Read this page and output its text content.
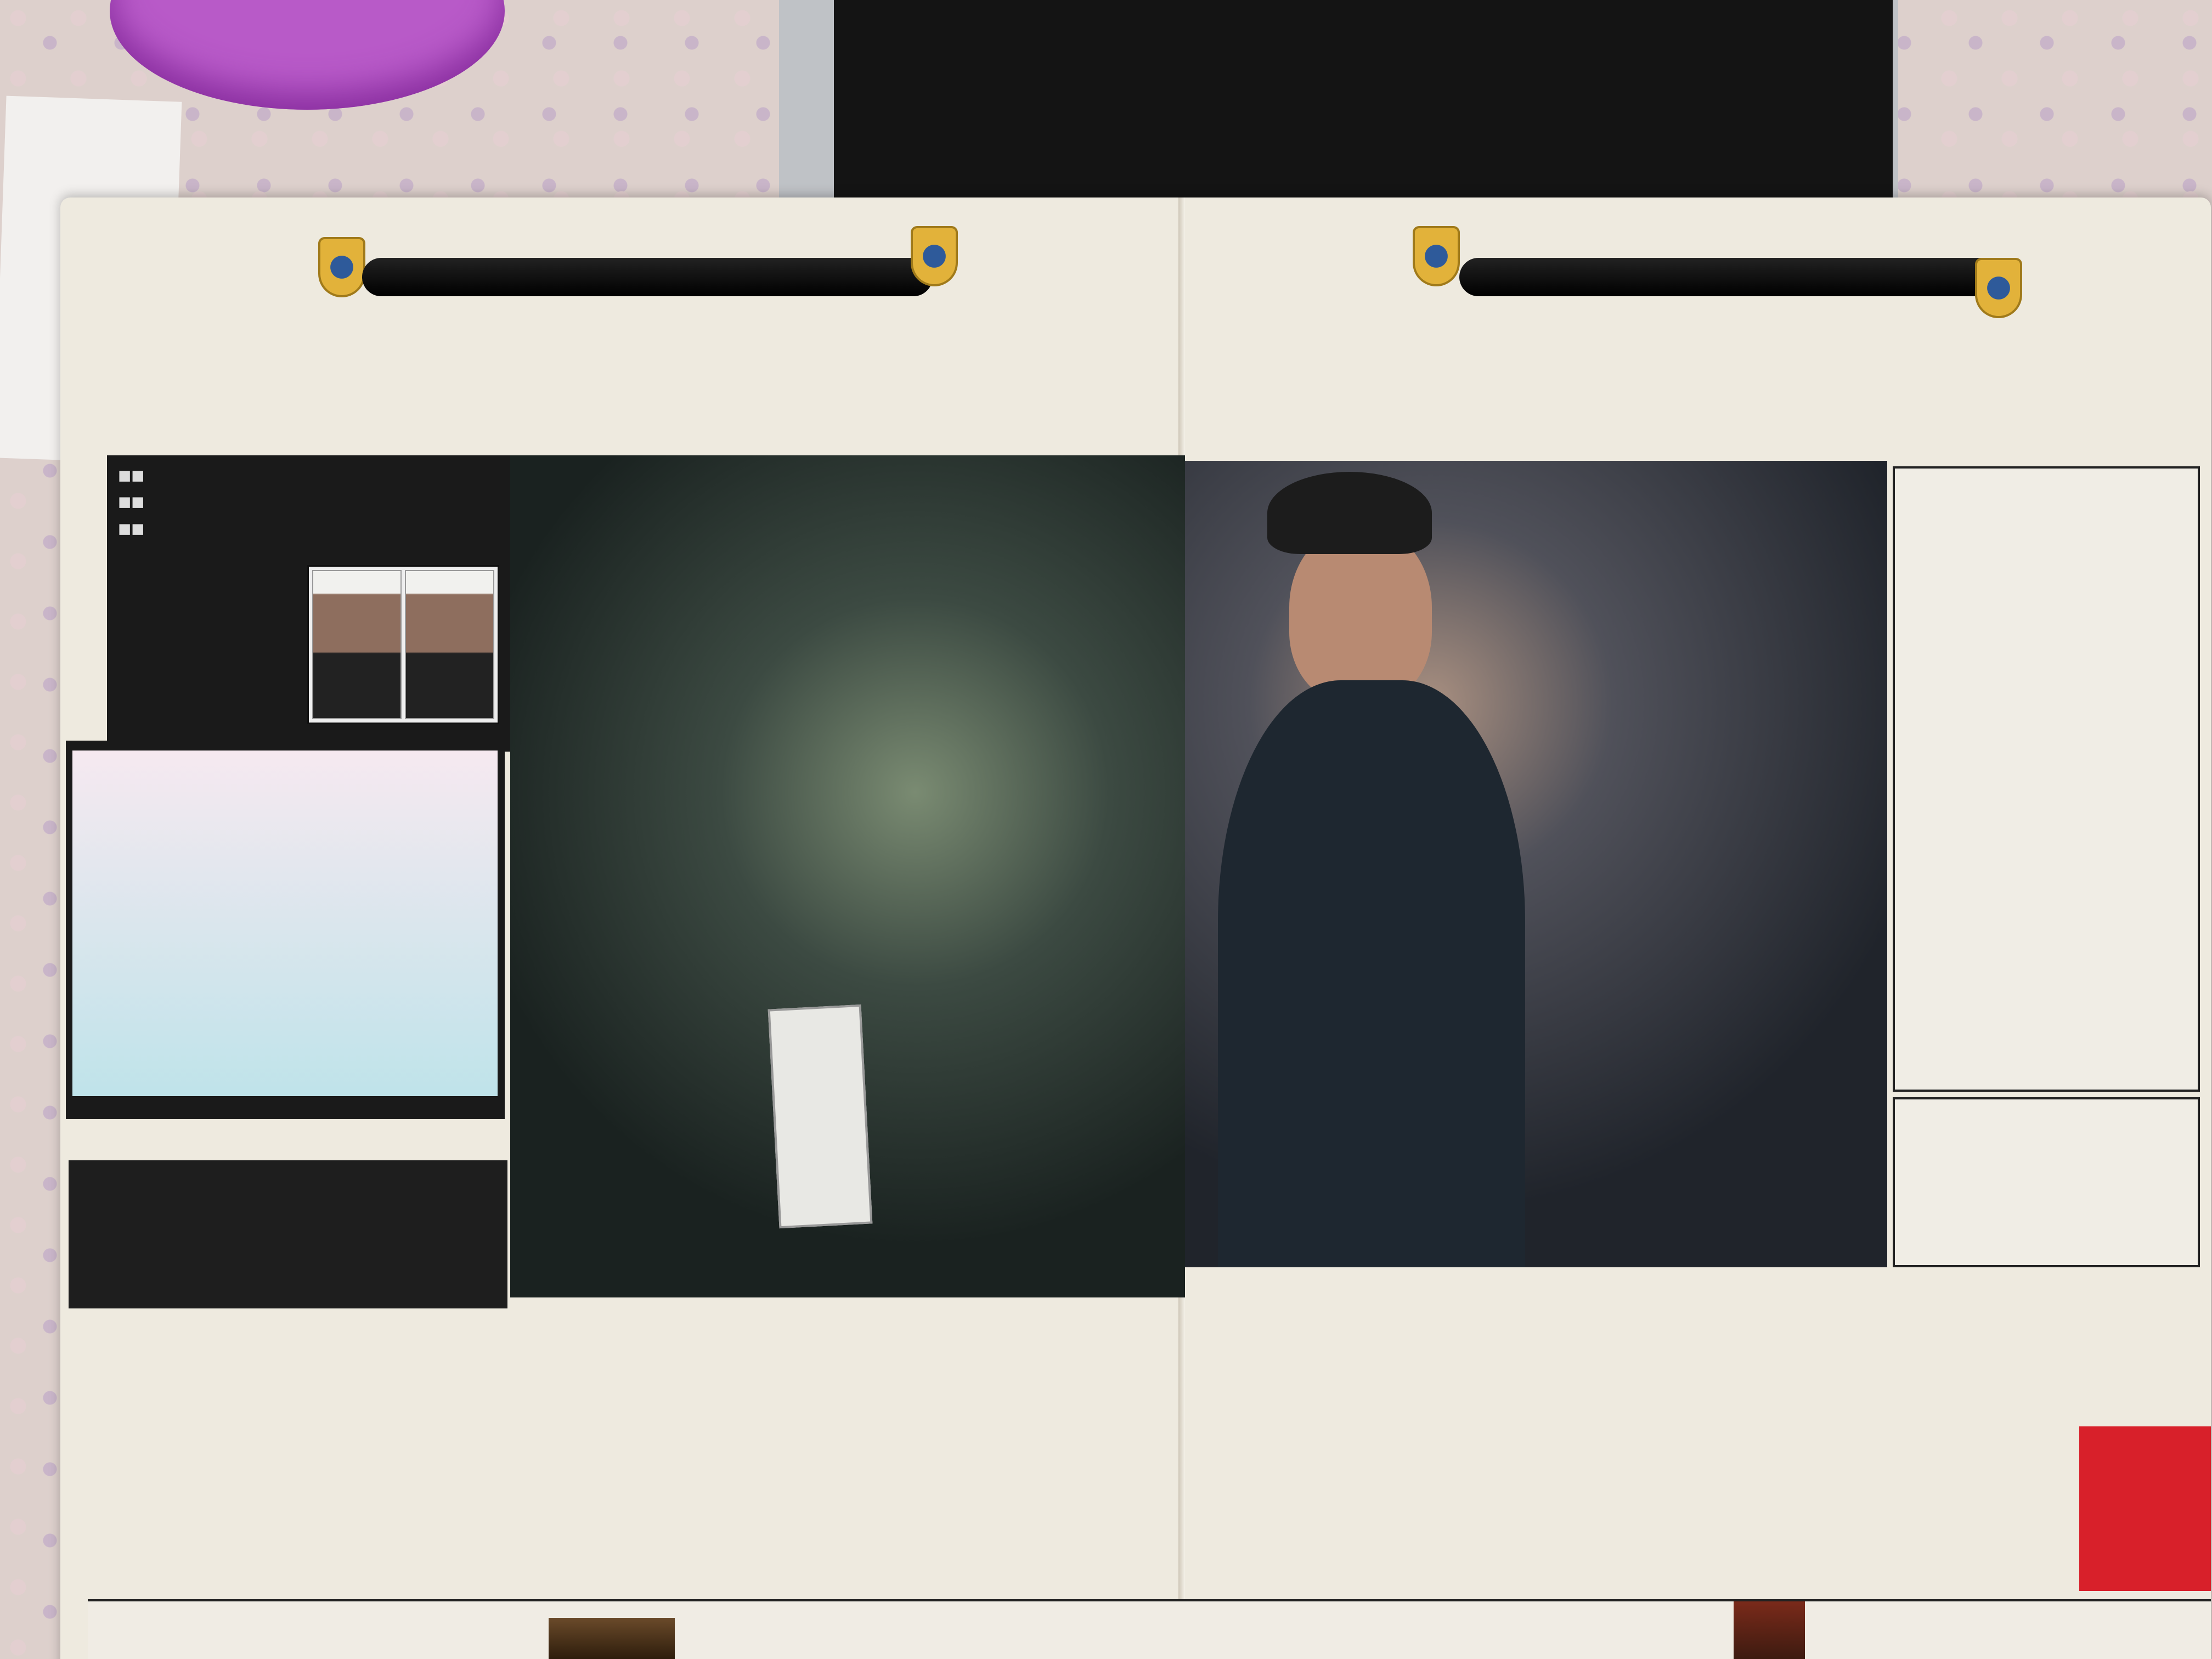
■■

■■

■■
